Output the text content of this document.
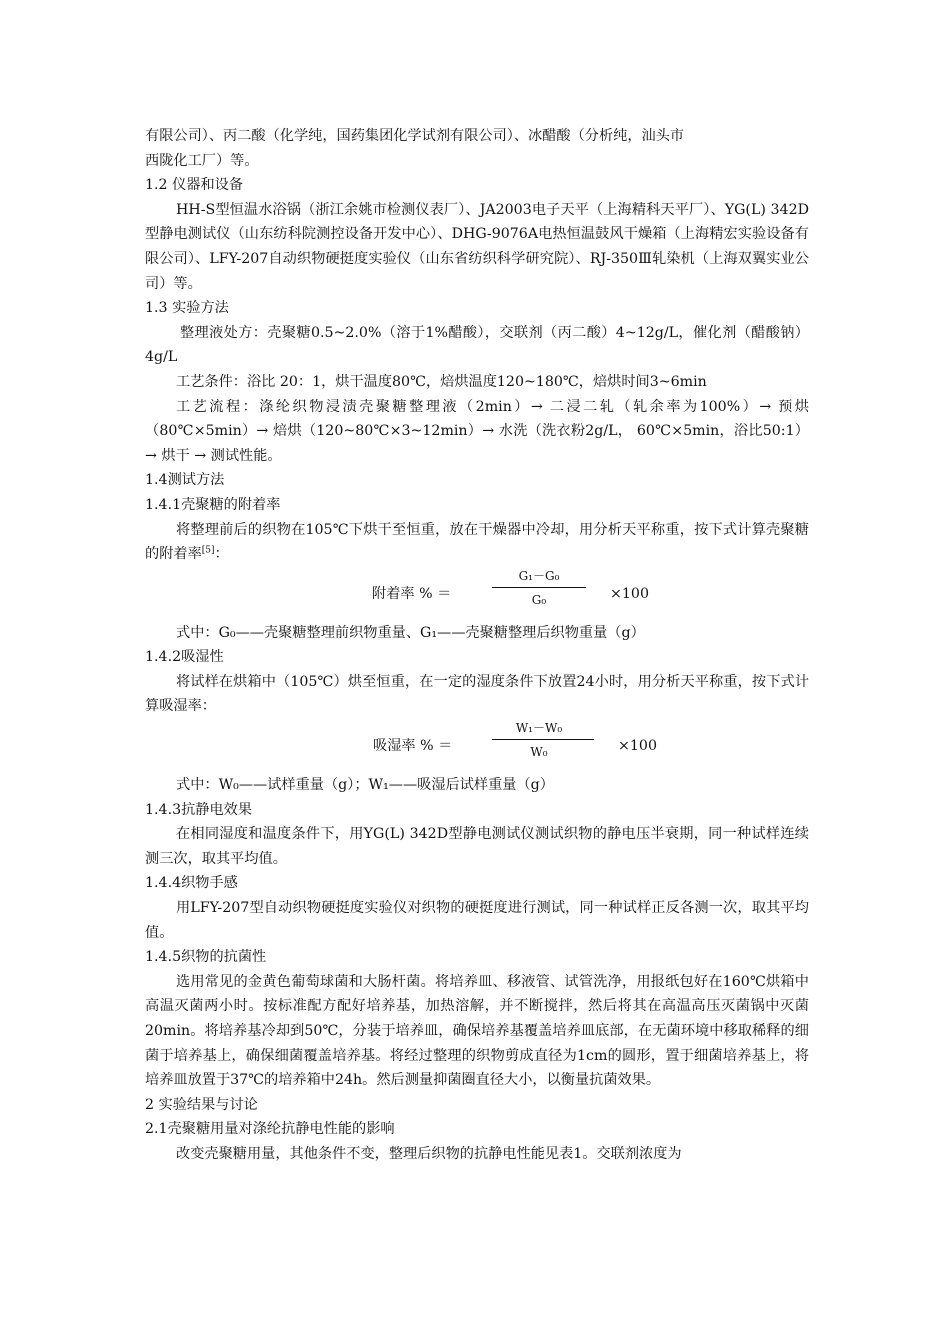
有限公司）、丙二酸（化学纯，国药集团化学试剂有限公司）、冰醋酸（分析纯，汕头市

西陇化工厂）等。

1.2 仪器和设备

HH-S型恒温水浴锅（浙江余姚市检测仪表厂）、JA2003电子天平（上海精科天平厂）、YG(L) 342D型静电测试仪（山东纺科院测控设备开发中心）、DHG-9076A电热恒温鼓风干燥箱（上海精宏实验设备有限公司）、LFY-207自动织物硬挺度实验仪（山东省纺织科学研究院）、RJ-350Ⅲ轧染机（上海双翼实业公司）等。

1.3 实验方法

整理液处方：壳聚糖0.5~2.0%（溶于1%醋酸），交联剂（丙二酸）4~12g/L，催化剂（醋酸钠）4g/L

工艺条件：浴比 20：1，烘干温度80℃，焙烘温度120~180℃，焙烘时间3~6min

工艺流程：涤纶织物浸渍壳聚糖整理液（2min）→ 二浸二轧（轧余率为100%）→ 预烘（80℃×5min）→ 焙烘（120~80℃×3~12min）→ 水洗（洗衣粉2g/L， 60℃×5min，浴比50:1）→ 烘干 → 测试性能。

1.4测试方法

1.4.1壳聚糖的附着率

将整理前后的织物在105℃下烘干至恒重，放在干燥器中冷却，用分析天平称重，按下式计算壳聚糖的附着率[5]：

附着率 % ＝
G₁－G₀
G₀	×100

式中：G₀——壳聚糖整理前织物重量、G₁——壳聚糖整理后织物重量（g）

1.4.2吸湿性

将试样在烘箱中（105℃）烘至恒重，在一定的湿度条件下放置24小时，用分析天平称重，按下式计算吸湿率：

吸湿率 % ＝
W₁－W₀
W₀	×100

式中：W₀——试样重量（g）；W₁——吸湿后试样重量（g）

1.4.3抗静电效果

在相同湿度和温度条件下，用YG(L) 342D型静电测试仪测试织物的静电压半衰期，同一种试样连续测三次，取其平均值。

1.4.4织物手感

用LFY-207型自动织物硬挺度实验仪对织物的硬挺度进行测试，同一种试样正反各测一次，取其平均值。

1.4.5织物的抗菌性

选用常见的金黄色葡萄球菌和大肠杆菌。将培养皿、移液管、试管洗净，用报纸包好在160℃烘箱中高温灭菌两小时。按标准配方配好培养基，加热溶解，并不断搅拌，然后将其在高温高压灭菌锅中灭菌20min。将培养基冷却到50℃，分装于培养皿，确保培养基覆盖培养皿底部，在无菌环境中移取稀释的细菌于培养基上，确保细菌覆盖培养基。将经过整理的织物剪成直径为1cm的圆形，置于细菌培养基上，将培养皿放置于37℃的培养箱中24h。然后测量抑菌圈直径大小，以衡量抗菌效果。

2 实验结果与讨论

2.1壳聚糖用量对涤纶抗静电性能的影响

改变壳聚糖用量，其他条件不变，整理后织物的抗静电性能见表1。交联剂浓度为
